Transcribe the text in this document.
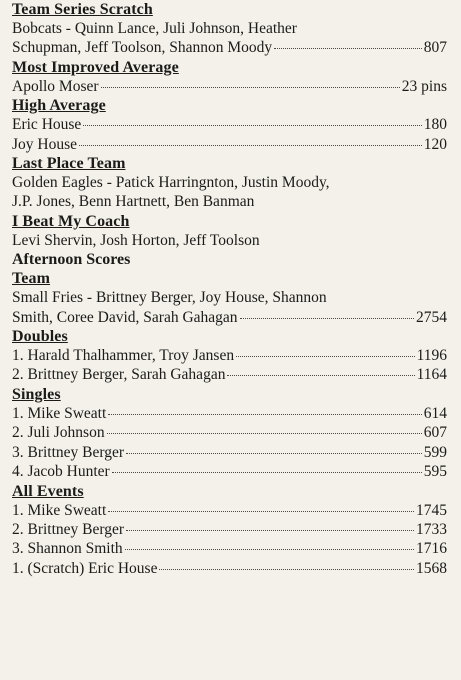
Team Series Scratch
Bobcats - Quinn Lance, Juli Johnson, Heather
Schupman, Jeff Toolson, Shannon Moody	807
Most Improved Average
Apollo Moser	23 pins
High Average
Eric House	180
Joy House	120
Last Place Team
Golden Eagles - Patick Harringnton, Justin Moody,
J.P. Jones, Benn Hartnett, Ben Banman
I Beat My Coach
Levi Shervin, Josh Horton, Jeff Toolson
Afternoon Scores
Team
Small Fries - Brittney Berger, Joy House, Shannon
Smith, Coree David, Sarah Gahagan	2754
Doubles
1. Harald Thalhammer, Troy Jansen	1196
2. Brittney Berger, Sarah Gahagan	1164
Singles
1. Mike Sweatt	614
2. Juli Johnson	607
3. Brittney Berger	599
4. Jacob Hunter	595
All Events
1. Mike Sweatt	1745
2. Brittney Berger	1733
3. Shannon Smith	1716
1. (Scratch) Eric House	1568
